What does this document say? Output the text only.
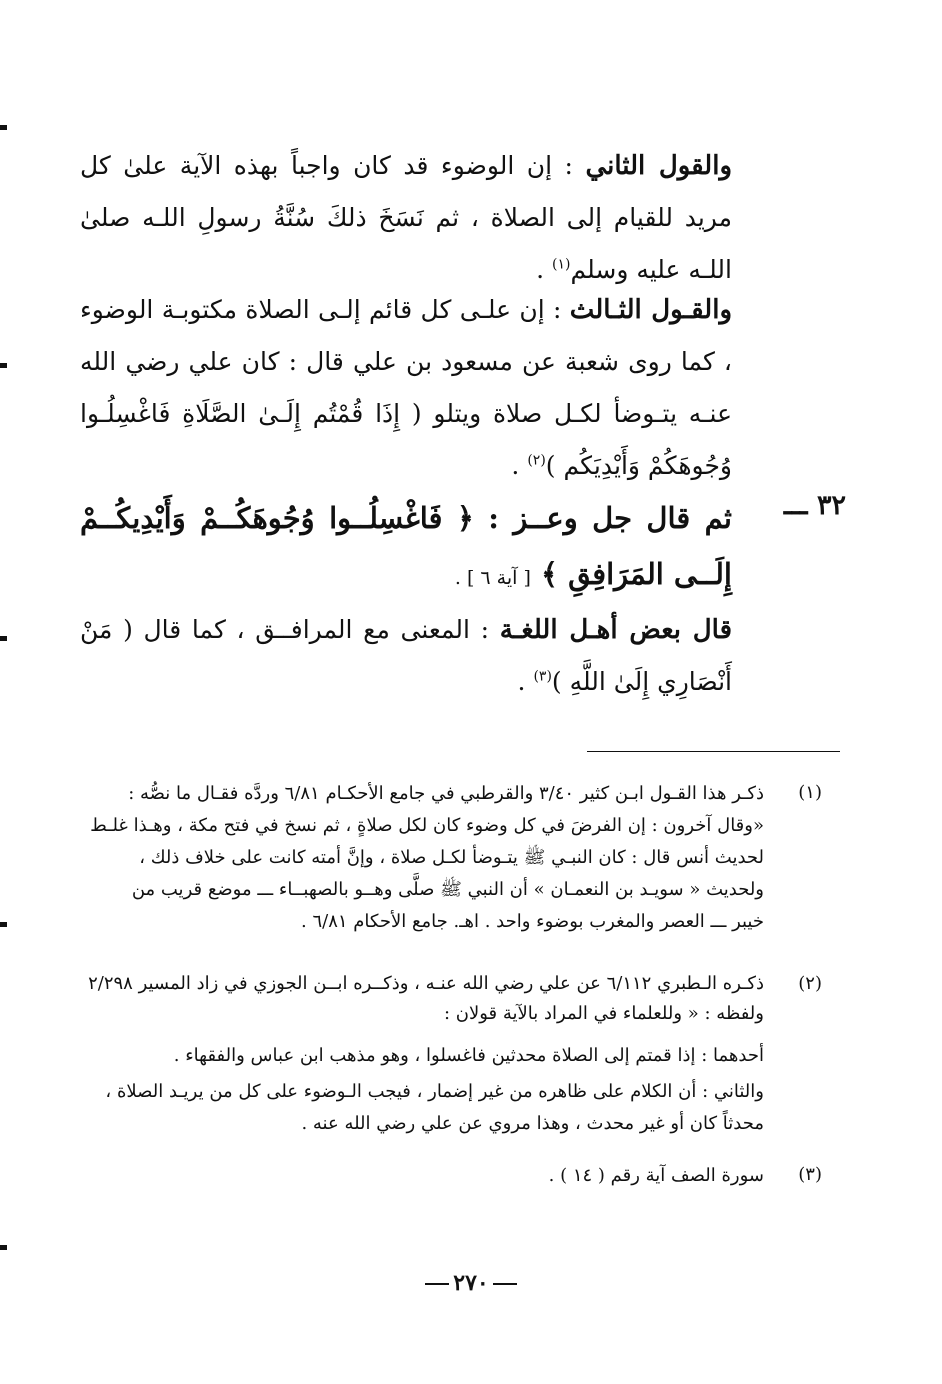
والقول الثاني : إن الوضوء قد كان واجباً بهذه الآية علىٰ كل مريد للقيام إلى الصلاة ، ثم نَسَخَ ذلكَ سُنَّةُ رسولِ اللـه صلىٰ اللـه عليه وسلم$^{(١)}$ .
والقـول الثـالث : إن علـى كل قائم إلـى الصلاة مكتوبـة الوضوء ، كما روى شعبة عن مسعود بن علي قال : كان علي رضي الله عنـه يتـوضأ لكـل صلاة ويتلو ( إِذَا قُمْتُم إِلَـىٰ الصَّلَاةِ فَاغْسِلُـوا وُجُوهَكُمْ وَأَيْدِيَكُم )$^{(٢)}$ .
٣٢ ـــ
ثم قال جل وعــز : ﴿ فَاغْسِلُــوا وُجُوهَكُــمْ وَأَيْدِيكُــمْ إِلَــى المَرَافِقِ ﴾ [ آية ٦ ] .
قال بعض أهـل اللغـة : المعنى مع المرافــق ، كما قال ( مَنْ أَنْصَارِي إِلَىٰ اللَّهِ )$^{(٣)}$ .
(١)
ذكـر هذا القـول ابـن كثير ٣/٤٠ والقرطبي في جامع الأحكـام ٦/٨١ وردَّه فقـال ما نصُّه :
«وقال آخرون : إن الفرضَ في كل وضوء كان لكل صلاةٍ ، ثم نسخ في فتح مكة ، وهـذا غلـط
لحديث أنس قال : كان النبـي ﷺ يتـوضأ لكـل صلاة ، وإنَّ أمته كانت على خلاف ذلك ،
ولحديث « سويـد بن النعمـان » أن النبي ﷺ صلَّى وهــو بالصهبــاء ـــ موضع قريب من
خيبر ـــ العصر والمغرب بوضوء واحد . اهـ. جامع الأحكام ٦/٨١ .
(٢)
ذكـره الـطبري ٦/١١٢ عن علي رضي الله عنـه ، وذكــره ابــن الجوزي في زاد المسير ٢/٢٩٨
ولفظه : « وللعلماء في المراد بالآية قولان :
أحدهما : إذا قمتم إلى الصلاة محدثين فاغسلوا ، وهو مذهب ابن عباس والفقهاء .
والثاني : أن الكلام على ظاهره من غير إضمار ، فيجب الـوضوء على كل من يريـد الصلاة ،
محدثاً كان أو غير محدث ، وهذا مروي عن علي رضي الله عنه .
(٣)
سورة الصف آية رقم ( ١٤ ) .
٢٧٠
